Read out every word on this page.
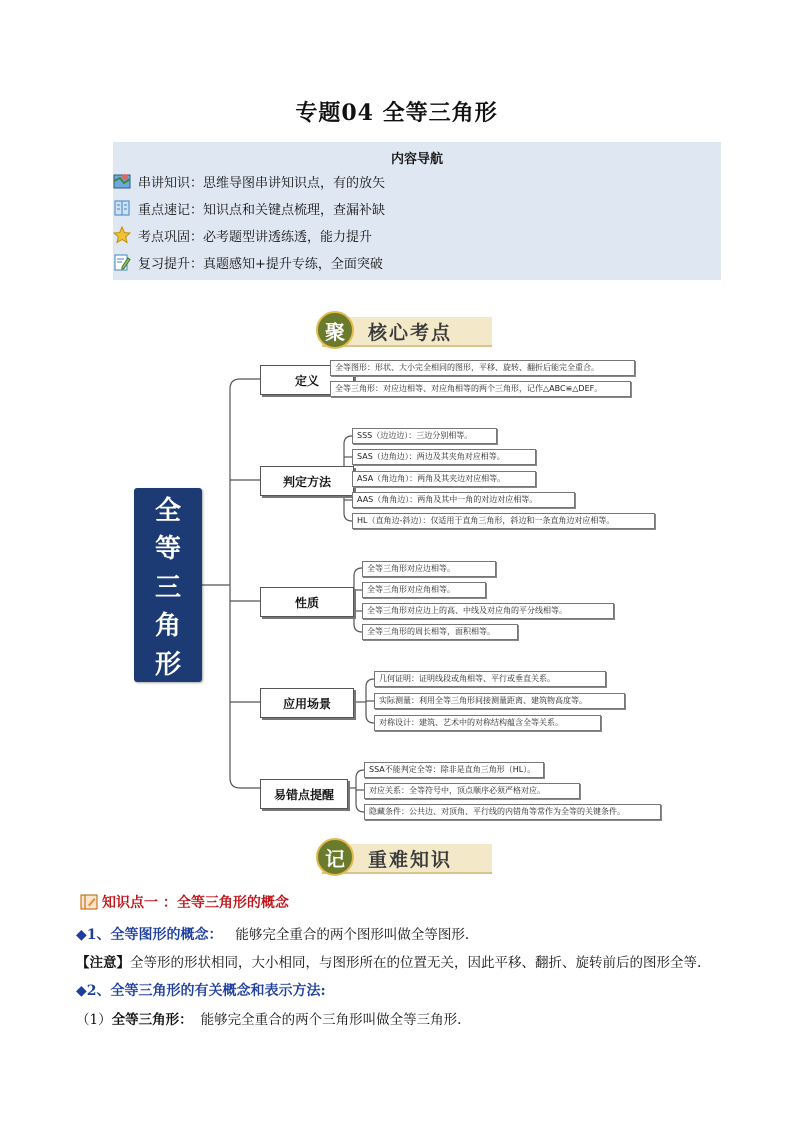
专题04 全等三角形
内容导航
串讲知识 ：思维导图串讲知识点，有的放矢
重点速记 ：知识点和关键点梳理，查漏补缺
考点巩固 ：必考题型讲透练透，能力提升
复习提升 ：真题感知+提升专练，全面突破
核心考点
聚
全
等
三
角
形
定义
判定方法
性质
应用场景
易错点提醒
全等图形：形状、大小完全相同的图形，平移、旋转、翻折后能完全重合。
全等三角形：对应边相等、对应角相等的两个三角形，记作△ABC≌△DEF。
SSS（边边边）：三边分别相等。
SAS（边角边）：两边及其夹角对应相等。
ASA（角边角）：两角及其夹边对应相等。
AAS（角角边）：两角及其中一角的对边对应相等。
HL（直角边-斜边）：仅适用于直角三角形，斜边和一条直角边对应相等。
全等三角形对应边相等。
全等三角形对应角相等。
全等三角形对应边上的高、中线及对应角的平分线相等。
全等三角形的周长相等，面积相等。
几何证明：证明线段或角相等、平行或垂直关系。
实际测量：利用全等三角形间接测量距离、建筑物高度等。
对称设计：建筑、艺术中的对称结构蕴含全等关系。
SSA不能判定全等：除非是直角三角形（HL）。
对应关系：全等符号中，顶点顺序必须严格对应。
隐藏条件：公共边、对顶角、平行线的内错角等常作为全等的关键条件。
重难知识
记
知识点一 ：全等三角形的概念
◆1、全等图形的概念： 能够完全重合的两个图形叫做全等图形.
【注意】全等形的形状相同，大小相同，与图形所在的位置无关，因此平移、翻折、旋转前后的图形全等.
◆2、全等三角形的有关概念和表示方法:
（1）全等三角形： 能够完全重合的两个三角形叫做全等三角形.
